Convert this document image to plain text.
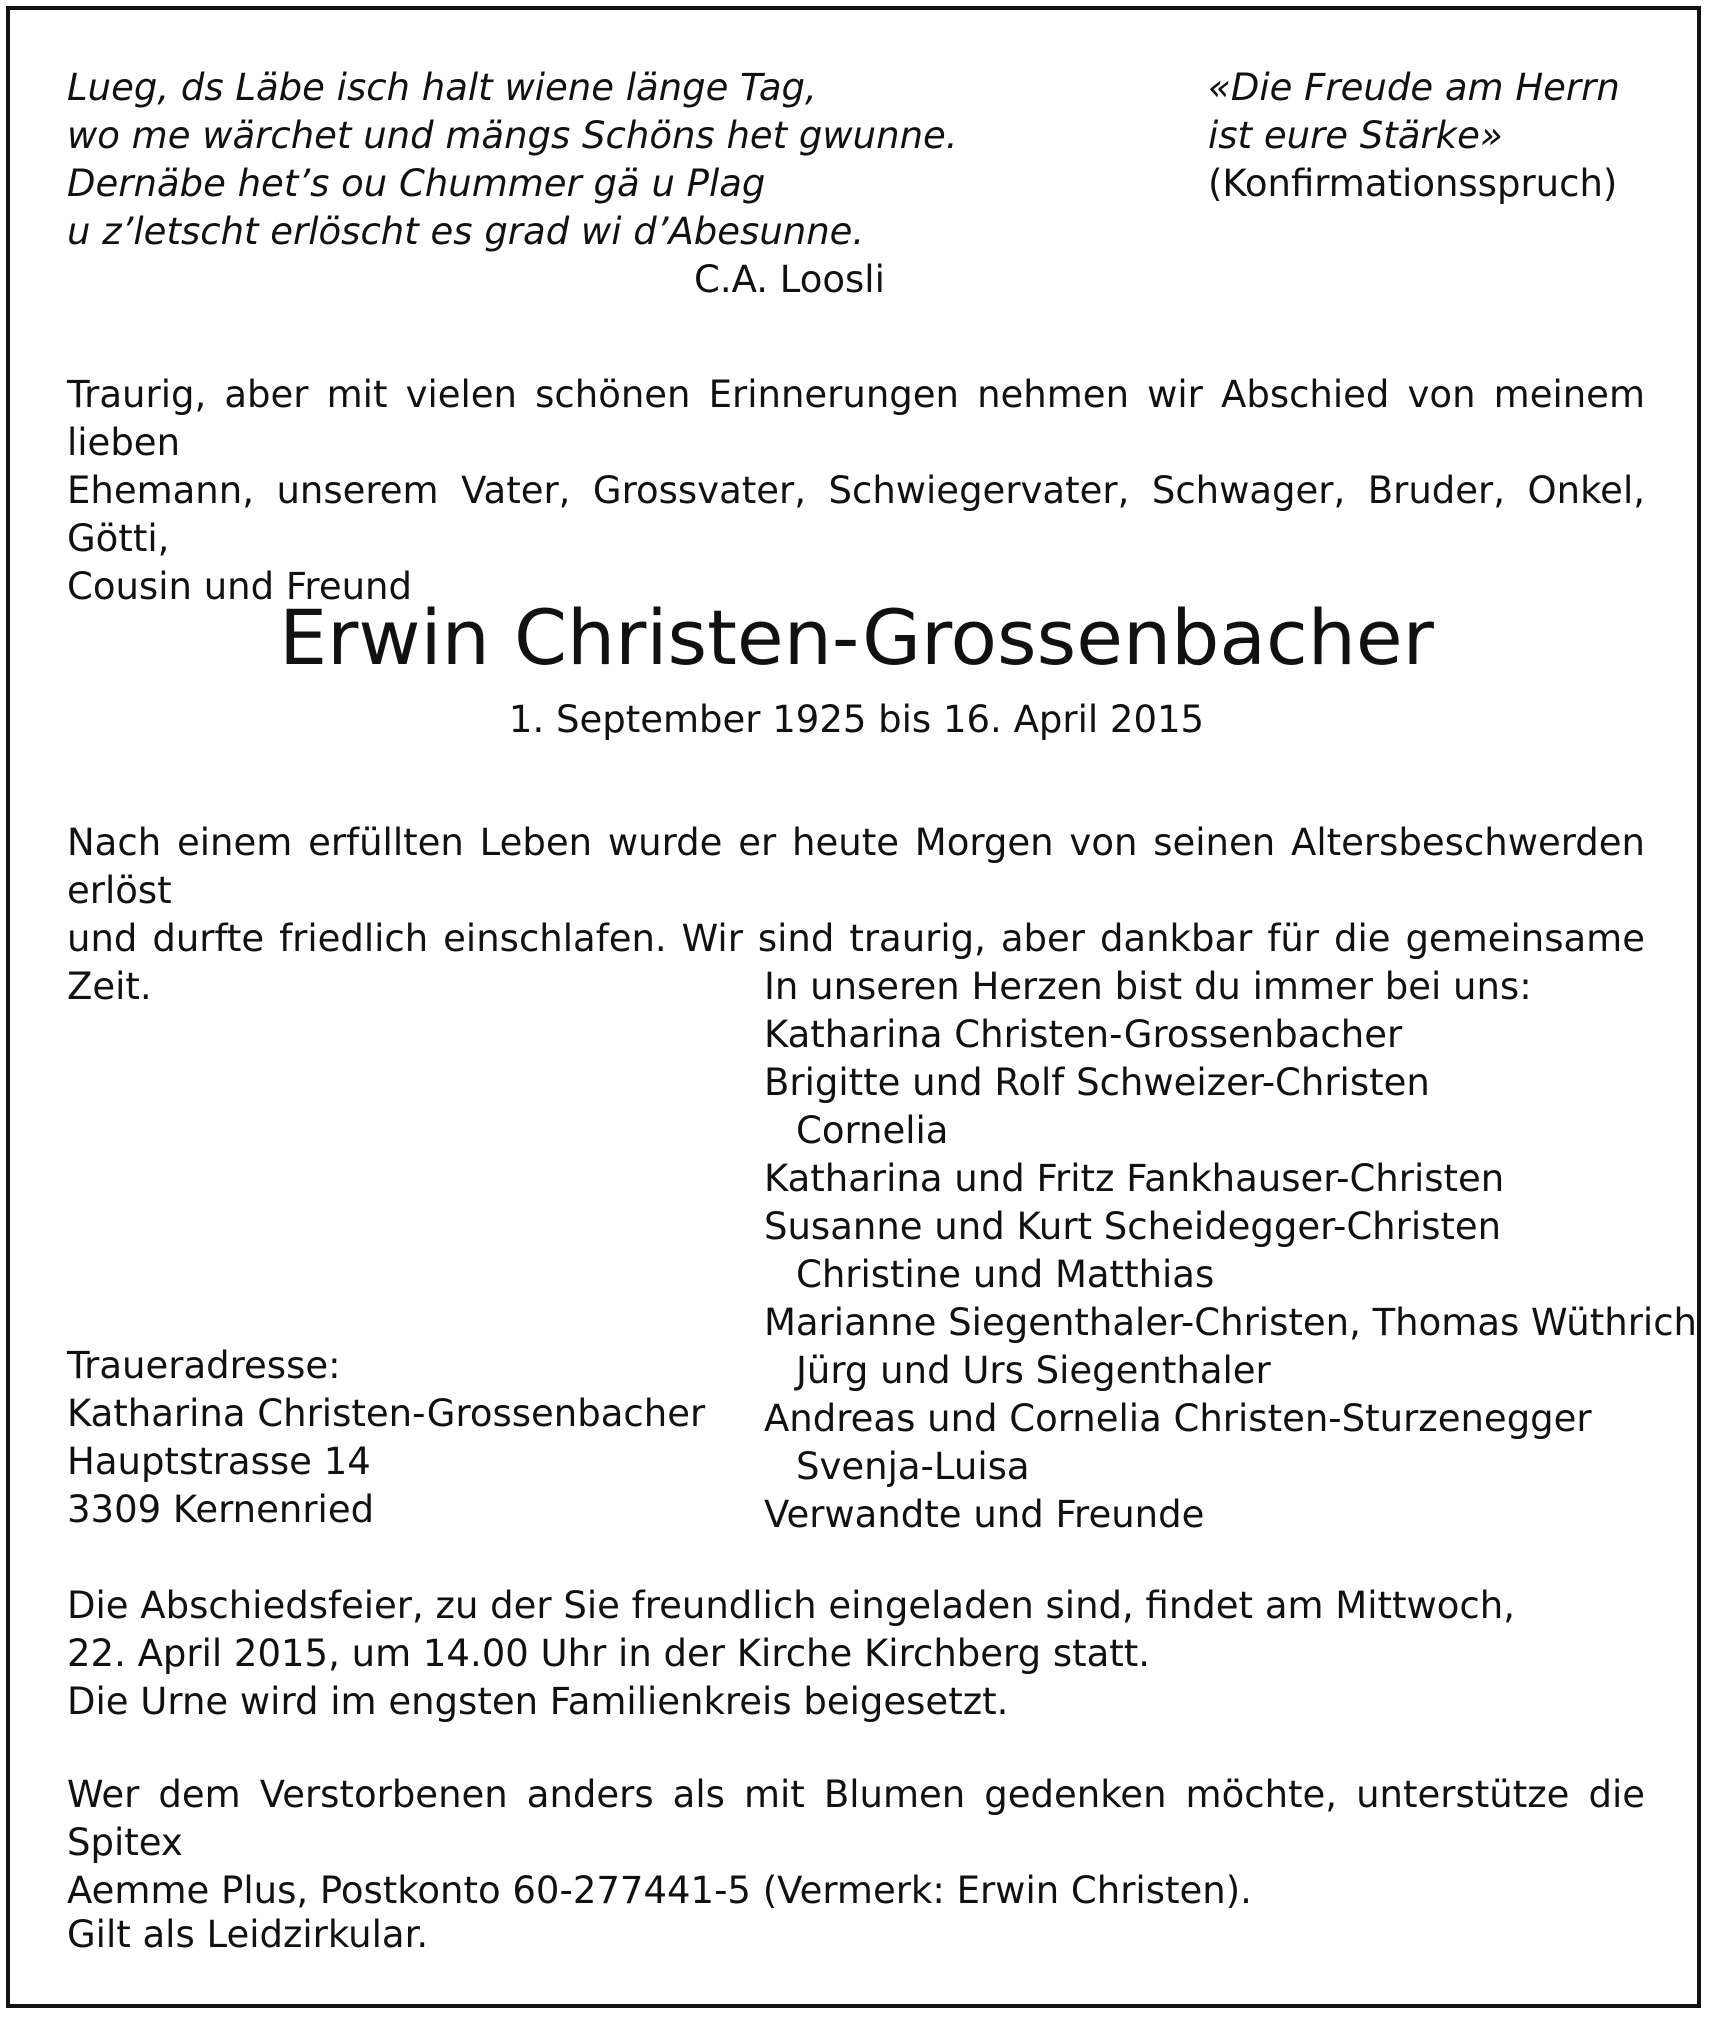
Lueg, ds Läbe isch halt wiene länge Tag,
wo me wärchet und mängs Schöns het gwunne.
Dernäbe het’s ou Chummer gä u Plag
u z’letscht erlöscht es grad wi d’Abesunne.
C.A. Loosli
«Die Freude am Herrn
ist eure Stärke»
(Konfirmationsspruch)
Traurig, aber mit vielen schönen Erinnerungen nehmen wir Abschied von meinem lieben
Ehemann, unserem Vater, Grossvater, Schwiegervater, Schwager, Bruder, Onkel, Götti,
Cousin und Freund
Erwin Christen-Grossenbacher
1. September 1925 bis 16. April 2015
Nach einem erfüllten Leben wurde er heute Morgen von seinen Altersbeschwerden erlöst
und durfte friedlich einschlafen. Wir sind traurig, aber dankbar für die gemeinsame Zeit.	In unseren Herzen bist du immer bei uns:
Katharina Christen-Grossenbacher
Brigitte und Rolf Schweizer-Christen
Cornelia
Katharina und Fritz Fankhauser-Christen
Susanne und Kurt Scheidegger-Christen
Christine und Matthias
Marianne Siegenthaler-Christen, Thomas Wüthrich
Jürg und Urs Siegenthaler
Andreas und Cornelia Christen-Sturzenegger
Svenja-Luisa
Verwandte und Freunde
Traueradresse:
Katharina Christen-Grossenbacher
Hauptstrasse 14
3309 Kernenried
Die Abschiedsfeier, zu der Sie freundlich eingeladen sind, findet am Mittwoch,
22. April 2015, um 14.00 Uhr in der Kirche Kirchberg statt.
Die Urne wird im engsten Familienkreis beigesetzt.
Wer dem Verstorbenen anders als mit Blumen gedenken möchte, unterstütze die Spitex
Aemme Plus, Postkonto 60-277441-5 (Vermerk: Erwin Christen).
Gilt als Leidzirkular.
